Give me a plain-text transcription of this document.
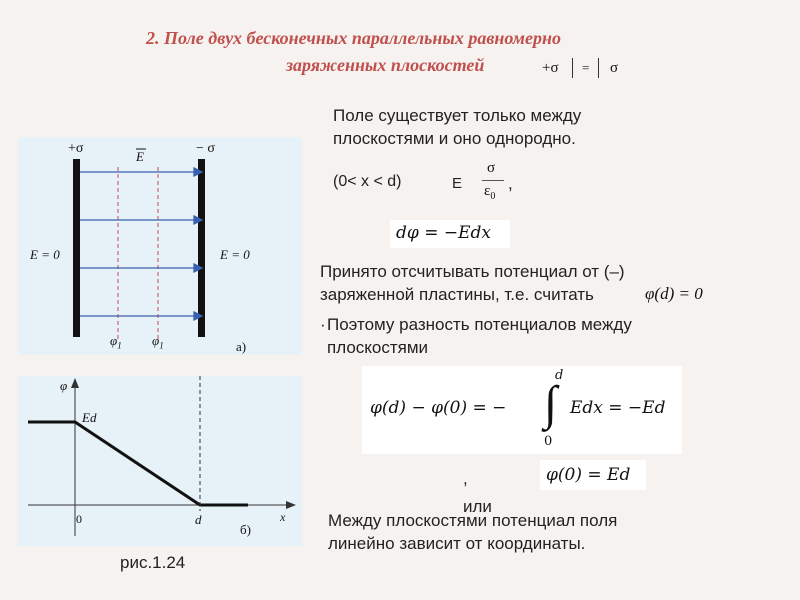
2. Поле двух бесконечных параллельных равномерно
заряженных плоскостей	+σ = σ
Поле существует только между
плоскостями и оно однородно.
(0< x < d)	E
σ
$\varepsilon_0$
,
dφ = −Edx
Принято отсчитывать потенциал от (–)
заряженной пластины, т.е. считать	φ(d) = 0
· Поэтому разность потенциалов между
плоскостями
φ(d) − φ(0) = −
d
∫
0
Edx = −Ed
,
или
φ(0) = Ed
Между плоскостями потенциал поля
линейно зависит от координаты.
+σ	− σ
E
E = 0	E = 0
$\varphi_1$ $\varphi_1$	а)
φ
Ed
0	d	x
б)
рис.1.24
